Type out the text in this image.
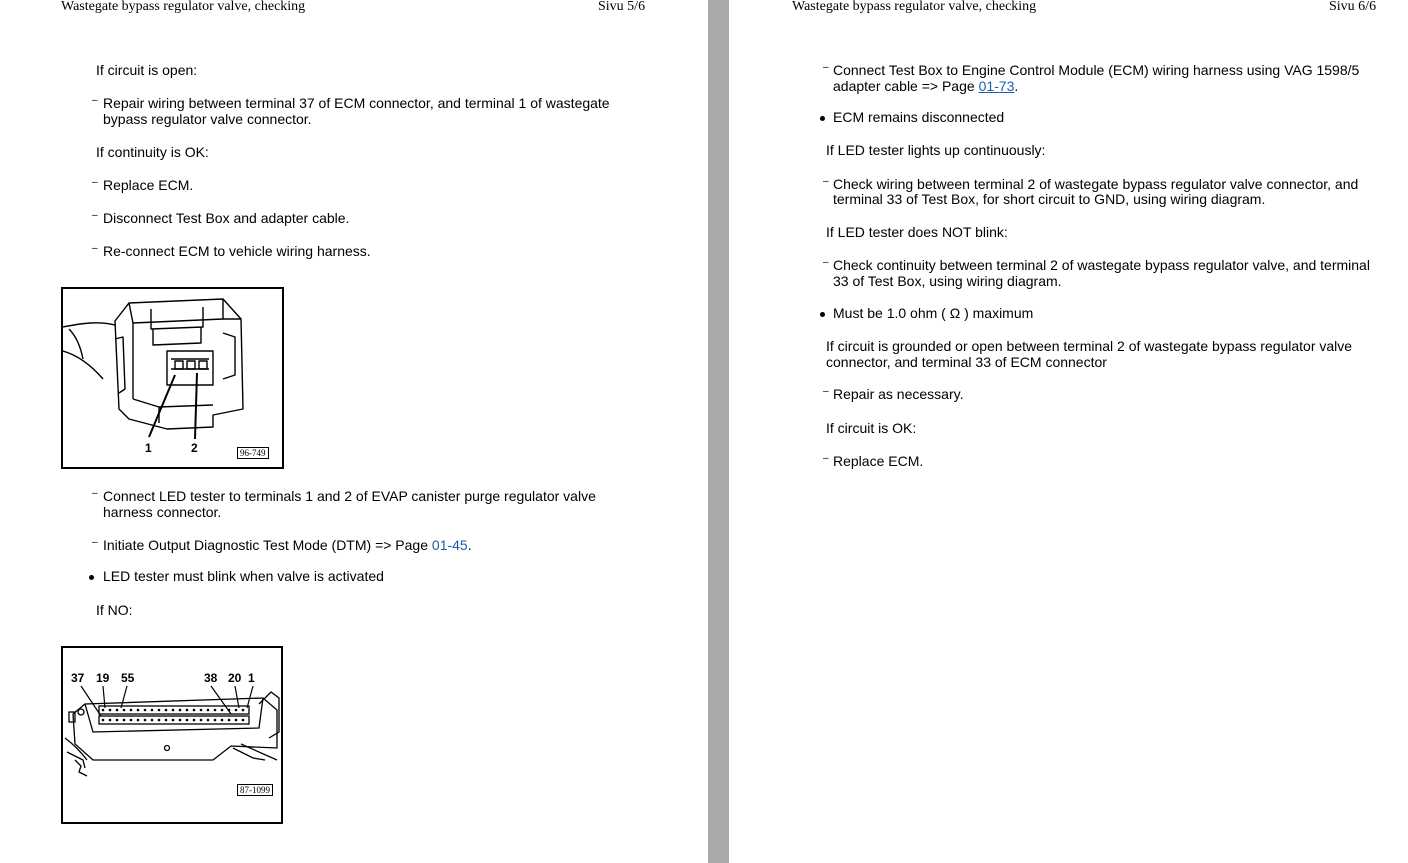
Wastegate bypass regulator valve, checking	Sivu 5/6
If circuit is open:
– Repair wiring between terminal 37 of ECM connector, and terminal 1 of wastegate
bypass regulator valve connector.
If continuity is OK:
– Replace ECM.
– Disconnect Test Box and adapter cable.
– Re-connect ECM to vehicle wiring harness.
1	2	96-749
– Connect LED tester to terminals 1 and 2 of EVAP canister purge regulator valve
harness connector.
– Initiate Output Diagnostic Test Mode (DTM) => Page 01-45.
LED tester must blink when valve is activated
If NO:
37 19 55	38 20 1
87-1099
Wastegate bypass regulator valve, checking	Sivu 6/6
– Connect Test Box to Engine Control Module (ECM) wiring harness using VAG 1598/5
adapter cable => Page 01-73.
ECM remains disconnected
If LED tester lights up continuously:
– Check wiring between terminal 2 of wastegate bypass regulator valve connector, and
terminal 33 of Test Box, for short circuit to GND, using wiring diagram.
If LED tester does NOT blink:
– Check continuity between terminal 2 of wastegate bypass regulator valve, and terminal
33 of Test Box, using wiring diagram.
Must be 1.0 ohm ( Ω ) maximum
If circuit is grounded or open between terminal 2 of wastegate bypass regulator valve
connector, and terminal 33 of ECM connector
– Repair as necessary.
If circuit is OK:
– Replace ECM.
